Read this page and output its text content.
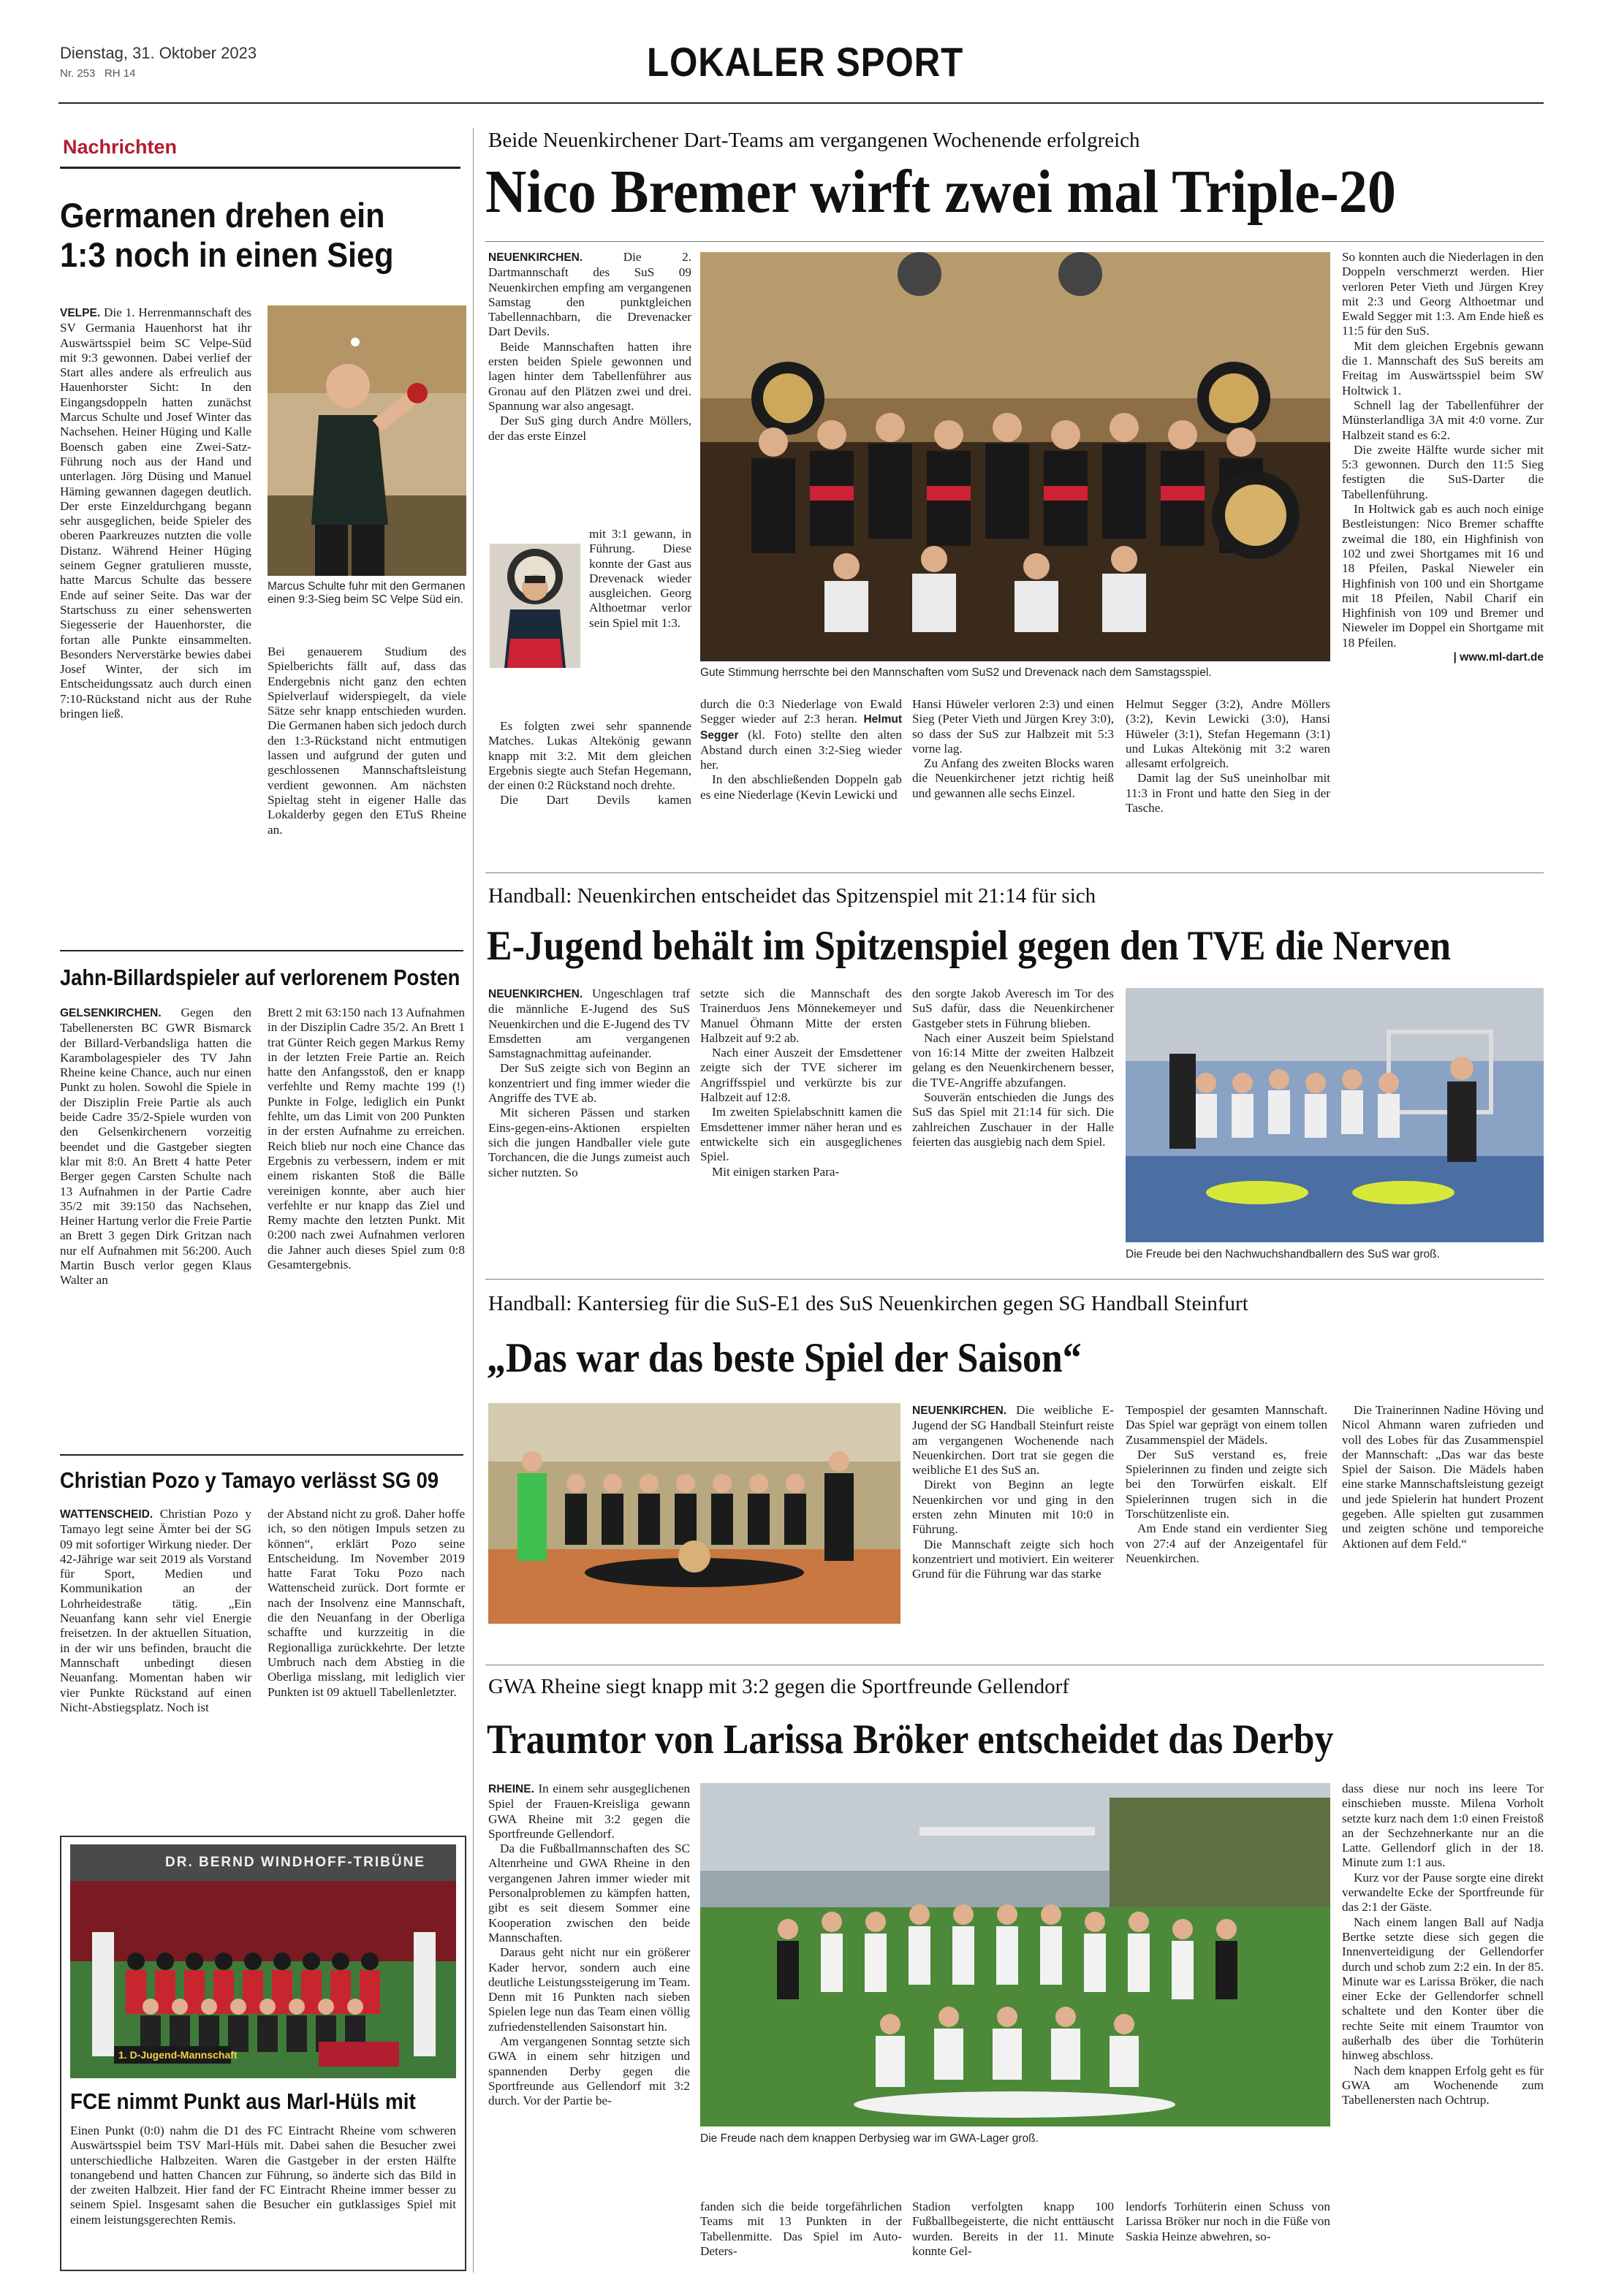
Dienstag, 31. Oktober 2023
Nr. 253 RH 14	LOKALER SPORT
Nachrichten
Germanen drehen ein 1:3 noch in einen Sieg
VELPE. Die 1. Herrenmannschaft des SV Germania Hauenhorst hat ihr Auswärtsspiel beim SC Velpe-Süd mit 9:3 gewonnen. Dabei verlief der Start alles andere als erfreulich aus Hauenhorster Sicht: In den Eingangsdoppeln hatten zunächst Marcus Schulte und Josef Winter das Nachsehen. Heiner Hüging und Kalle Boensch gaben eine Zwei-Satz-Führung noch aus der Hand und unterlagen. Jörg Düsing und Manuel Häming gewannen dagegen deutlich. Der erste Einzeldurchgang begann sehr ausgeglichen, beide Spieler des oberen Paarkreuzes nutzten die volle Distanz. Während Heiner Hüging seinem Gegner gratulieren musste, hatte Marcus Schulte das bessere Ende auf seiner Seite. Das war der Startschuss zu einer sehenswerten Siegesserie der Hauenhorster, die fortan alle Punkte einsammelten. Besonders Nerverstärke bewies dabei Josef Winter, der sich im Entscheidungssatz auch durch einen 7:10-Rückstand nicht aus der Ruhe bringen ließ.
Marcus Schulte fuhr mit den Germanen einen 9:3-Sieg beim SC Velpe Süd ein.
Bei genauerem Studium des Spielberichts fällt auf, dass das Endergebnis nicht ganz den echten Spielverlauf widerspiegelt, da viele Sätze sehr knapp entschieden wurden. Die Germanen haben sich jedoch durch den 1:3-Rückstand nicht entmutigen lassen und aufgrund der guten und geschlossenen Mannschaftsleistung verdient gewonnen. Am nächsten Spieltag steht in eigener Halle das Lokalderby gegen den ETuS Rheine an.
Jahn-Billardspieler auf verlorenem Posten
GELSENKIRCHEN. Gegen den Tabellenersten BC GWR Bismarck der Billard-Verbandsliga hatten die Karambolagespieler des TV Jahn Rheine keine Chance, auch nur einen Punkt zu holen. Sowohl die Spiele in der Disziplin Freie Partie als auch beide Cadre 35/2-Spiele wurden von den Gelsenkirchenern vorzeitig beendet und die Gastgeber siegten klar mit 8:0. An Brett 4 hatte Peter Berger gegen Carsten Schulte nach 13 Aufnahmen in der Partie Cadre 35/2 mit 39:150 das Nachsehen, Heiner Hartung verlor die Freie Partie an Brett 3 gegen Dirk Gritzan nach nur elf Aufnahmen mit 56:200. Auch Martin Busch verlor gegen Klaus Walter an
Brett 2 mit 63:150 nach 13 Aufnahmen in der Disziplin Cadre 35/2. An Brett 1 trat Günter Reich gegen Markus Remy in der letzten Freie Partie an. Reich hatte den Anfangsstoß, den er knapp verfehlte und Remy machte 199 (!) Punkte in Folge, lediglich ein Punkt fehlte, um das Limit von 200 Punkten in der ersten Aufnahme zu erreichen. Reich blieb nur noch eine Chance das Ergebnis zu verbessern, indem er mit einem riskanten Stoß die Bälle vereinigen konnte, aber auch hier verfehlte er nur knapp das Ziel und Remy machte den letzten Punkt. Mit 0:200 nach zwei Aufnahmen verloren die Jahner auch dieses Spiel zum 0:8 Gesamtergebnis.
Christian Pozo y Tamayo verlässt SG 09
WATTENSCHEID. Christian Pozo y Tamayo legt seine Ämter bei der SG 09 mit sofortiger Wirkung nieder. Der 42-Jährige war seit 2019 als Vorstand für Sport, Medien und Kommunikation an der Lohrheidestraße tätig. „Ein Neuanfang kann sehr viel Energie freisetzen. In der aktuellen Situation, in der wir uns befinden, braucht die Mannschaft unbedingt diesen Neuanfang. Momentan haben wir vier Punkte Rückstand auf einen Nicht-Abstiegsplatz. Noch ist
der Abstand nicht zu groß. Daher hoffe ich, so den nötigen Impuls setzen zu können“, erklärt Pozo seine Entscheidung. Im November 2019 hatte Farat Toku Pozo nach Wattenscheid zurück. Dort formte er nach der Insolvenz eine Mannschaft, die den Neuanfang in der Oberliga schaffte und kurzzeitig in die Regionalliga zurückkehrte. Der letzte Umbruch nach dem Abstieg in die Oberliga misslang, mit lediglich vier Punkten ist 09 aktuell Tabellenletzter.
DR. BERND WINDHOFF-TRIBÜNE
1. D-Jugend-Mannschaft
FCE nimmt Punkt aus Marl-Hüls mit
Einen Punkt (0:0) nahm die D1 des FC Eintracht Rheine vom schweren Auswärtsspiel beim TSV Marl-Hüls mit. Dabei sahen die Besucher zwei unterschiedliche Halbzeiten. Waren die Gastgeber in der ersten Hälfte tonangebend und hatten Chancen zur Führung, so änderte sich das Bild in der zweiten Halbzeit. Hier fand der FC Eintracht Rheine immer besser zu seinem Spiel. Insgesamt sahen die Besucher ein gutklassiges Spiel mit einem leistungsgerechten Remis.
Beide Neuenkirchener Dart-Teams am vergangenen Wochenende erfolgreich
Nico Bremer wirft zwei mal Triple-20
NEUENKIRCHEN.	Die 2. Dartmannschaft des SuS 09 Neuenkirchen empfing am vergangenen Samstag den punktgleichen Tabellennachbarn, die Drevenacker Dart Devils.

Beide Mannschaften hatten ihre ersten beiden Spiele gewonnen und lagen hinter dem Tabellenführer aus Gronau auf den Plätzen zwei und drei. Spannung war also angesagt.

Der SuS ging durch Andre Möllers, der das erste Einzel

mit 3:1 gewann, in Führung. Diese konnte der Gast aus Drevenack wieder ausgleichen. Georg Althoetmar verlor sein Spiel mit 1:3.

Es folgten zwei sehr spannende Matches. Lukas Altekönig gewann knapp mit 3:2. Mit dem gleichen Ergebnis siegte auch Stefan Hegemann, der einen 0:2 Rückstand noch drehte.

Die Dart Devils kamen

Gute Stimmung herrschte bei den Mannschaften vom SuS2 und Drevenack nach dem Samstagsspiel.
durch die 0:3 Niederlage von Ewald Segger wieder auf 2:3 heran. Helmut Segger (kl. Foto) stellte den alten Abstand durch einen 3:2-Sieg wieder her.

In den abschließenden Doppeln gab es eine Niederlage (Kevin Lewicki und

Hansi Hüweler verloren 2:3) und einen Sieg (Peter Vieth und Jürgen Krey 3:0), so dass der SuS zur Halbzeit mit 5:3 vorne lag.

Zu Anfang des zweiten Blocks waren die Neuenkirchener jetzt richtig heiß und gewannen alle sechs Einzel.

Helmut Segger (3:2), Andre Möllers (3:2), Kevin Lewicki (3:0), Hansi Hüweler (3:1), Stefan Hegemann (3:1) und Lukas Altekönig mit 3:2 waren allesamt erfolgreich.

Damit lag der SuS uneinholbar mit 11:3 in Front und hatte den Sieg in der Tasche.

So konnten auch die Niederlagen in den Doppeln verschmerzt werden. Hier verloren Peter Vieth und Jürgen Krey mit 2:3 und Georg Althoetmar und Ewald Segger mit 1:3. Am Ende hieß es 11:5 für den SuS.

Mit dem gleichen Ergebnis gewann die 1. Mannschaft des SuS bereits am Freitag im Auswärtsspiel beim SW Holtwick 1.

Schnell lag der Tabellenführer der Münsterlandliga 3A mit 4:0 vorne. Zur Halbzeit stand es 6:2.

Die zweite Hälfte wurde sicher mit 5:3 gewonnen. Durch den 11:5 Sieg festigten die SuS-Darter die Tabellenführung.

In Holtwick gab es auch noch einige Bestleistungen: Nico Bremer schaffte zweimal die 180, ein Highfinish von 102 und zwei Shortgames mit 16 und 18 Pfeilen, Paskal Nieweler ein Highfinish von 100 und ein Shortgame mit 18 Pfeilen, Nabil Charif ein Highfinish von 109 und Bremer und Nieweler im Doppel ein Shortgame mit 18 Pfeilen.

| www.ml-dart.de
Handball: Neuenkirchen entscheidet das Spitzenspiel mit 21:14 für sich
E-Jugend behält im Spitzenspiel gegen den TVE die Nerven
NEUENKIRCHEN. Ungeschlagen traf die männliche E-Jugend des SuS Neuenkirchen und die E-Jugend des TV Emsdetten am vergangenen Samstagnachmittag aufeinander.

Der SuS zeigte sich von Beginn an konzentriert und fing immer wieder die Angriffe des TVE ab.

Mit sicheren Pässen und starken Eins-gegen-eins-Aktionen erspielten sich die jungen Handballer viele gute Torchancen, die die Jungs zumeist auch sicher nutzten. So

setzte sich die Mannschaft des Trainerduos Jens Mönnekemeyer und Manuel Öhmann Mitte der ersten Halbzeit auf 9:2 ab.

Nach einer Auszeit der Emsdettener zeigte sich der TVE sicherer im Angriffsspiel und verkürzte bis zur Halbzeit auf 12:8.

Im zweiten Spielabschnitt kamen die Emsdettener immer näher heran und es entwickelte sich ein ausgeglichenes Spiel.

Mit einigen starken Para-

den sorgte Jakob Averesch im Tor des SuS dafür, dass die Neuenkirchener Gastgeber stets in Führung blieben.

Nach einer Auszeit beim Spielstand von 16:14 Mitte der zweiten Halbzeit gelang es den Neuenkirchenern besser, die TVE-Angriffe abzufangen.

Souverän entschieden die Jungs des SuS das Spiel mit 21:14 für sich. Die zahlreichen Zuschauer in der Halle feierten das ausgiebig nach dem Spiel.

Die Freude bei den Nachwuchshandballern des SuS war groß.
Handball: Kantersieg für die SuS-E1 des SuS Neuenkirchen gegen SG Handball Steinfurt
„Das war das beste Spiel der Saison“
NEUENKIRCHEN. Die weibliche E-Jugend der SG Handball Steinfurt reiste am vergangenen Wochenende nach Neuenkirchen. Dort trat sie gegen die weibliche E1 des SuS an.

Direkt von Beginn an legte Neuenkirchen vor und ging in den ersten zehn Minuten mit 10:0 in Führung.

Die Mannschaft zeigte sich hoch konzentriert und motiviert. Ein weiterer Grund für die Führung war das starke

Tempospiel der gesamten Mannschaft. Das Spiel war geprägt von einem tollen Zusammenspiel der Mädels.

Der SuS verstand es, freie Spielerinnen zu finden und zeigte sich bei den Torwürfen eiskalt. Elf Spielerinnen trugen sich in die Torschützenliste ein.

Am Ende stand ein verdienter Sieg von 27:4 auf der Anzeigentafel für Neuenkirchen.

Die Trainerinnen Nadine Höving und Nicol Ahmann waren zufrieden und voll des Lobes für das Zusammenspiel der Mannschaft: „Das war das beste Spiel der Saison. Die Mädels haben eine starke Mannschaftsleistung gezeigt und jede Spielerin hat hundert Prozent gegeben. Alle spielten gut zusammen und zeigten schöne und temporeiche Aktionen auf dem Feld.“

GWA Rheine siegt knapp mit 3:2 gegen die Sportfreunde Gellendorf
Traumtor von Larissa Bröker entscheidet das Derby
RHEINE. In einem sehr ausgeglichenen Spiel der Frauen-Kreisliga gewann GWA Rheine mit 3:2 gegen die Sportfreunde Gellendorf.

Da die Fußballmannschaften des SC Altenrheine und GWA Rheine in den vergangenen Jahren immer wieder mit Personalproblemen zu kämpfen hatten, gibt es seit diesem Sommer eine Kooperation zwischen den beide Mannschaften.

Daraus geht nicht nur ein größerer Kader hervor, sondern auch eine deutliche Leistungssteigerung im Team. Denn mit 16 Punkten nach sieben Spielen lege nun das Team einen völlig zufriedenstellenden Saisonstart hin.

Am vergangenen Sonntag setzte sich GWA in einem sehr hitzigen und spannenden Derby gegen die Sportfreunde aus Gellendorf mit 3:2 durch. Vor der Partie be-

Die Freude nach dem knappen Derbysieg war im GWA-Lager groß.
fanden sich die beide torgefährlichen Teams mit 13 Punkten in der Tabellenmitte. Das Spiel im Auto-Deters-
Stadion verfolgten knapp 100 Fußballbegeisterte, die nicht enttäuscht wurden. Bereits in der 11. Minute konnte Gel-
lendorfs Torhüterin einen Schuss von Larissa Bröker nur noch in die Füße von Saskia Heinze abwehren, so-
dass diese nur noch ins leere Tor einschieben musste. Milena Vorholt setzte kurz nach dem 1:0 einen Freistoß an der Sechzehnerkante nur an die Latte. Gellendorf glich in der 18. Minute zum 1:1 aus.

Kurz vor der Pause sorgte eine direkt verwandelte Ecke der Sportfreunde für das 2:1 der Gäste.

Nach einem langen Ball auf Nadja Bertke setzte diese sich gegen die Innenverteidigung der Gellendorfer durch und schob zum 2:2 ein. In der 85. Minute war es Larissa Bröker, die nach einer Ecke der Gellendorfer schnell schaltete und den Konter über die rechte Seite mit einem Traumtor von außerhalb des über die Torhüterin hinweg abschloss.

Nach dem knappen Erfolg geht es für GWA am Wochenende zum Tabellenersten nach Ochtrup.
